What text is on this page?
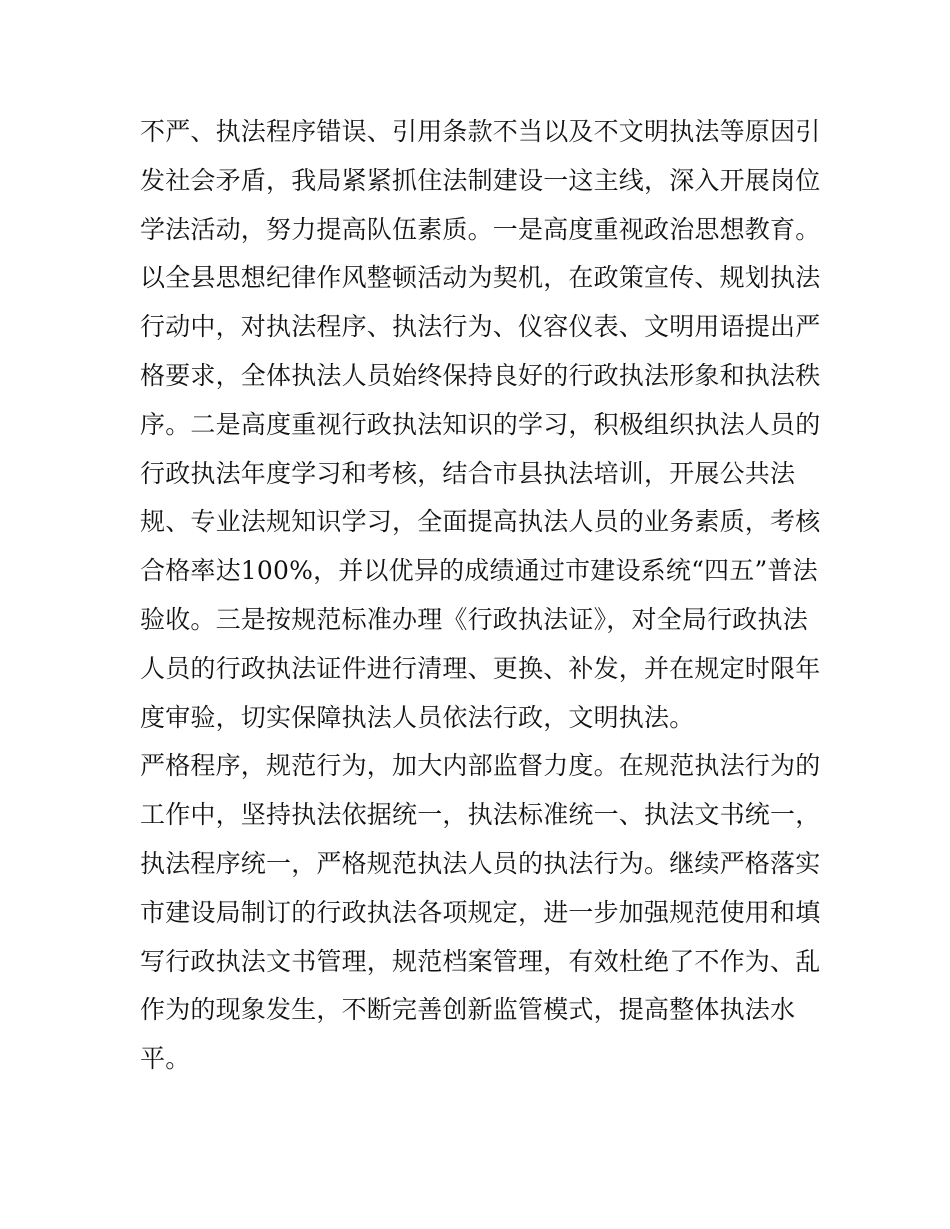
不严、执法程序错误、引用条款不当以及不文明执法等原因引
发社会矛盾，我局紧紧抓住法制建设一这主线，深入开展岗位
学法活动，努力提高队伍素质。一是高度重视政治思想教育。
以全县思想纪律作风整顿活动为契机，在政策宣传、规划执法
行动中，对执法程序、执法行为、仪容仪表、文明用语提出严
格要求，全体执法人员始终保持良好的行政执法形象和执法秩
序。二是高度重视行政执法知识的学习，积极组织执法人员的
行政执法年度学习和考核，结合市县执法培训，开展公共法
规、专业法规知识学习，全面提高执法人员的业务素质，考核
合格率达100%，并以优异的成绩通过市建设系统“四五”普法
验收。三是按规范标准办理《行政执法证》，对全局行政执法
人员的行政执法证件进行清理、更换、补发，并在规定时限年
度审验，切实保障执法人员依法行政，文明执法。
严格程序，规范行为，加大内部监督力度。在规范执法行为的
工作中，坚持执法依据统一，执法标准统一、执法文书统一，
执法程序统一，严格规范执法人员的执法行为。继续严格落实
市建设局制订的行政执法各项规定，进一步加强规范使用和填
写行政执法文书管理，规范档案管理，有效杜绝了不作为、乱
作为的现象发生，不断完善创新监管模式，提高整体执法水
平。
